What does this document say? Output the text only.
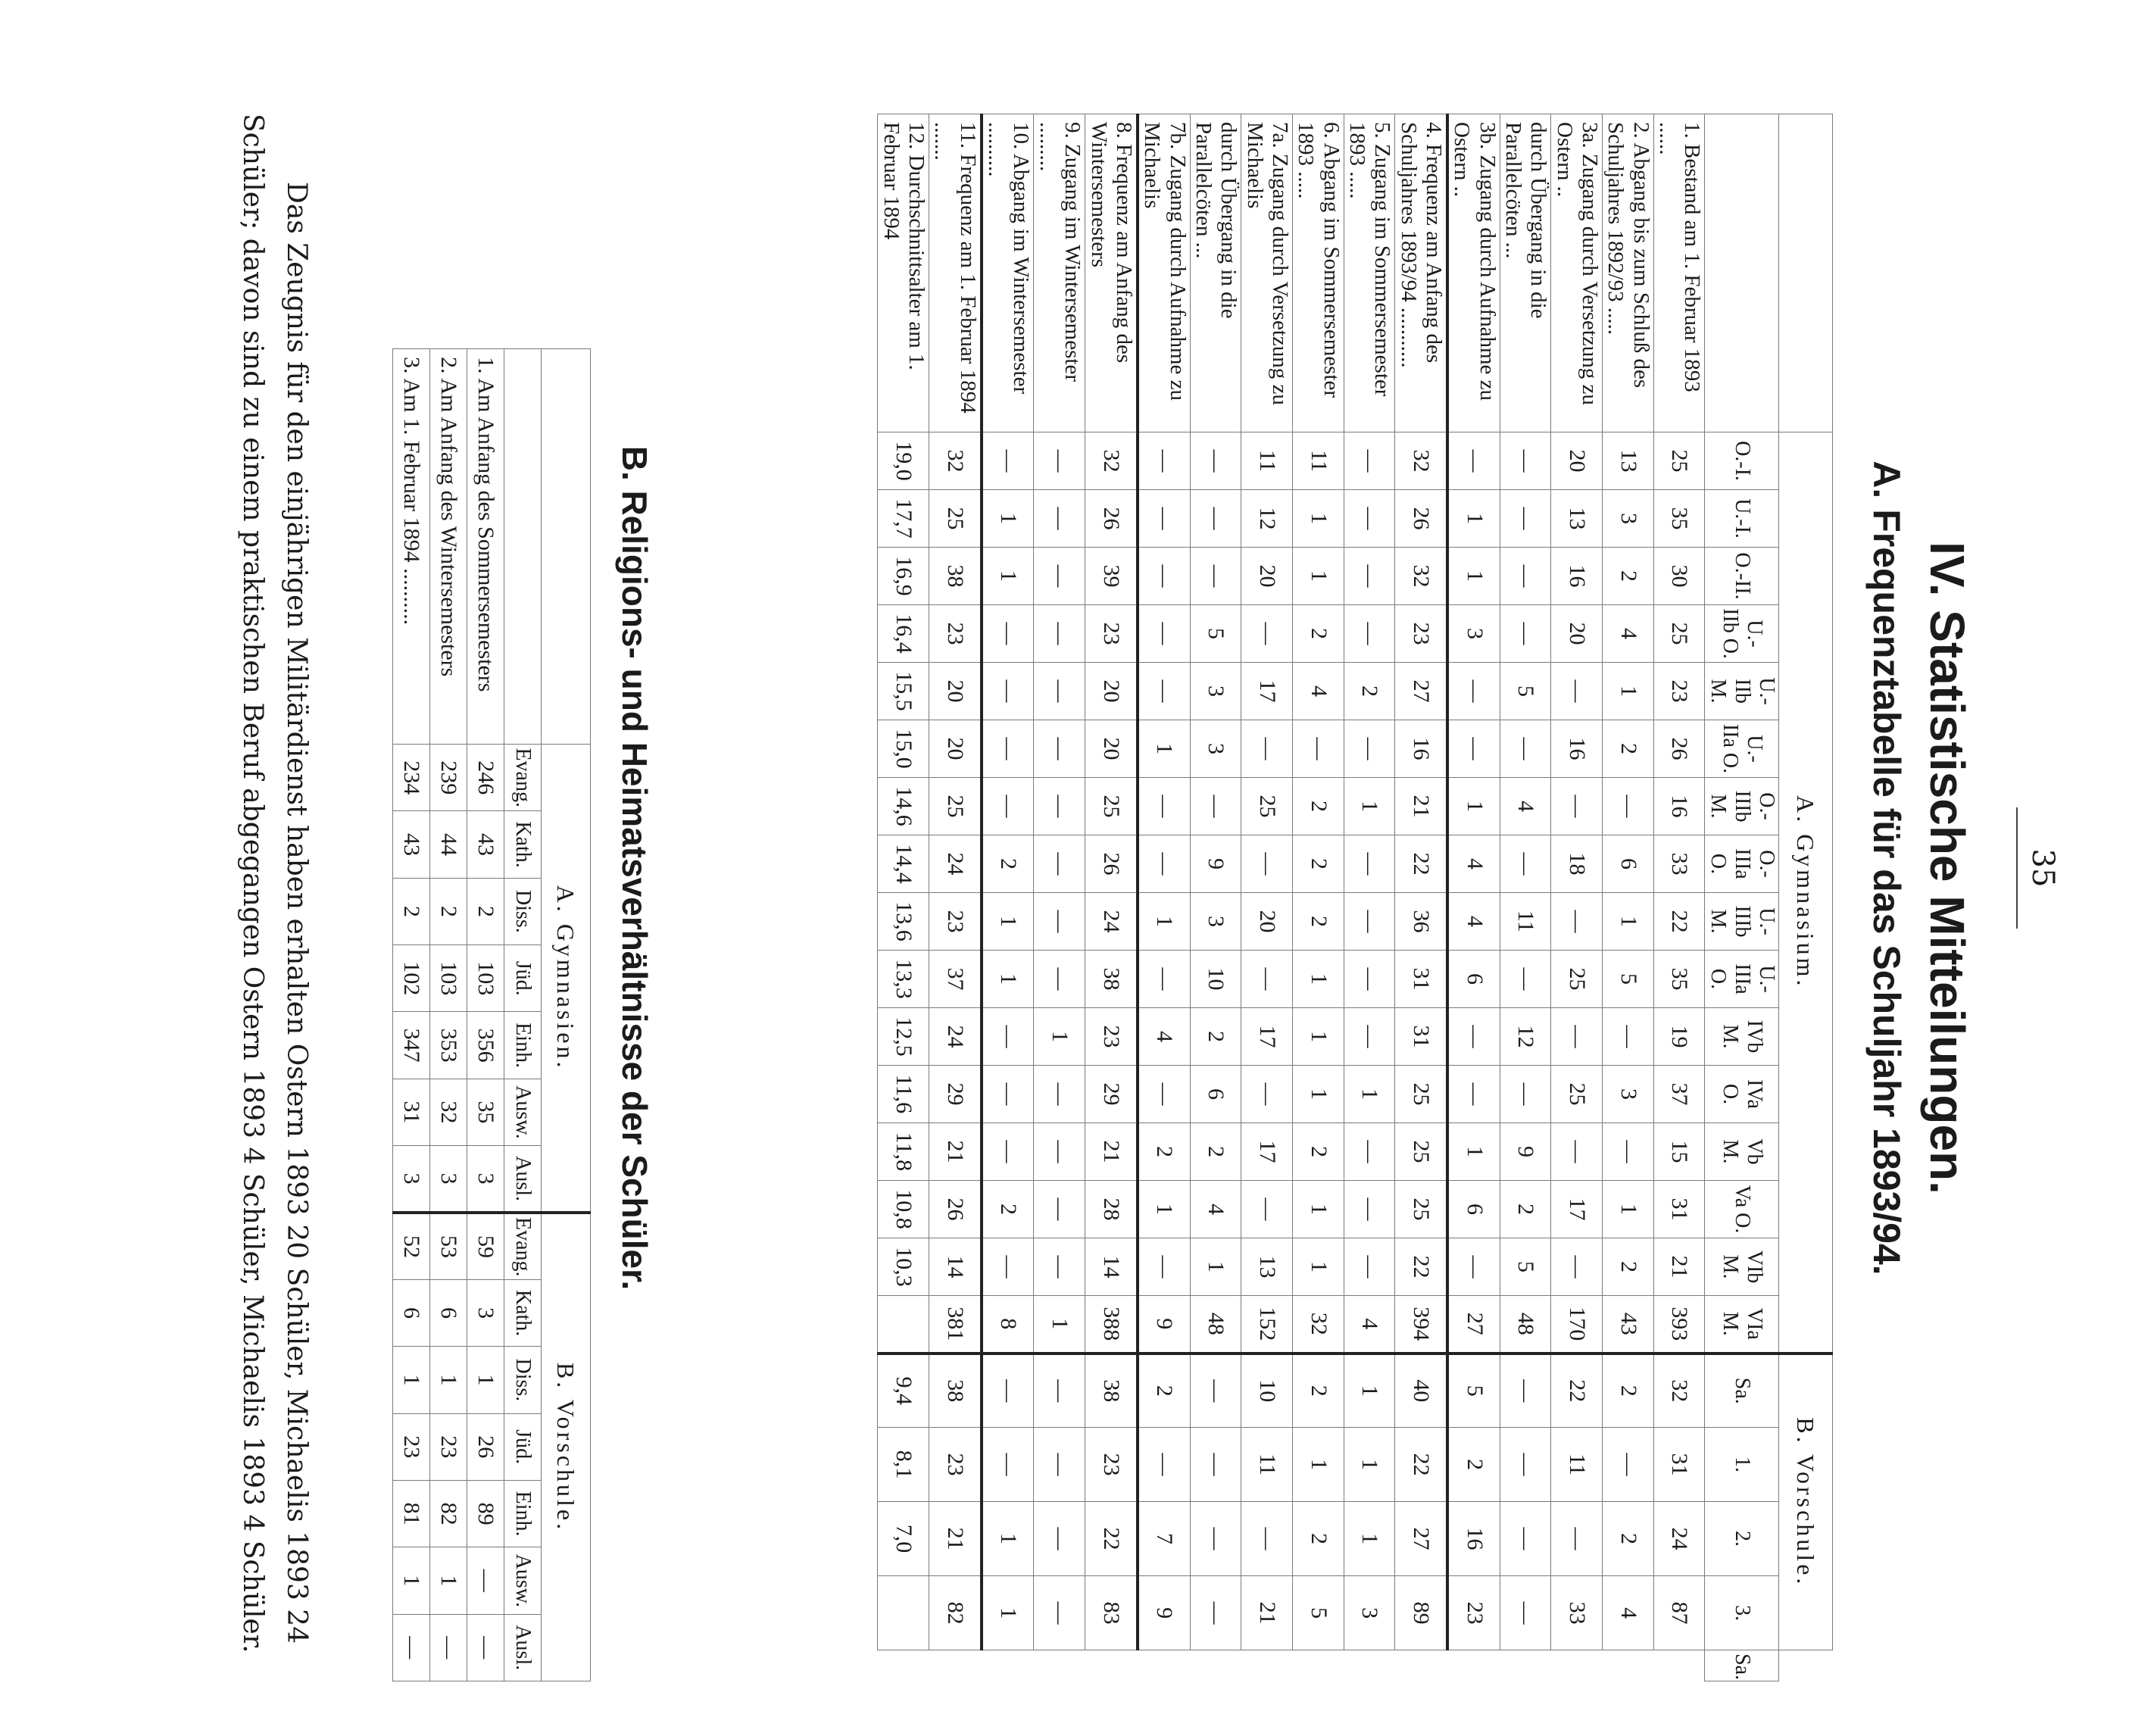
35
IV. Statistische Mitteilungen.
A. Frequenztabelle für das Schuljahr 1893/94.
	A. Gymnasium.																B. Vorschule.				
	O.-I.	U.-I.	O.-II.	U.-IIb O.	U.-IIb M.	U.-IIa O.	O.-IIIb M.	O.-IIIa O.	U.-IIIb M.	U.-IIIa O.	IVb M.	IVa O.	Vb M.	Va O.	VIb M.	VIa M.	Sa.	1.	2.	3.	Sa.
1. Bestand am 1. Februar 1893 ......	25	35	30	25	23	26	16	33	22	35	19	37	15	31	21	393	32	31	24	87	
2. Abgang bis zum Schluß des Schuljahres 1892/93 .....	13	3	2	4	1	2	—	6	1	5	—	3	—	1	2	43	2	—	2	4	
3a. Zugang durch Versetzung zu Ostern ..	20	13	16	20	—	16	—	18	—	25	—	25	—	17	—	170	22	11	—	33	
durch Übergang in die Parallelcöten ...	—	—	—	—	5	—	4	—	11	—	12	—	9	2	5	48	—	—	—	—	
3b. Zugang durch Aufnahme zu Ostern ..	—	1	1	3	—	—	1	4	4	6	—	—	1	6	—	27	5	2	16	23	
4. Frequenz am Anfang des Schuljahres 1893/94 ...........	32	26	32	23	27	16	21	22	36	31	31	25	25	25	22	394	40	22	27	89	
5. Zugang im Sommersemester 1893 .....	—	—	—	—	2	—	1	—	—	—	—	1	—	—	—	4	1	1	1	3	
6. Abgang im Sommersemester 1893 .....	11	1	1	2	4	—	2	2	2	1	1	1	2	1	1	32	2	1	2	5	
7a. Zugang durch Versetzung zu Michaelis	11	12	20	—	17	—	25	—	20	—	17	—	17	—	13	152	10	11	—	21	
durch Übergang in die Parallelcöten ...	—	—	—	5	3	3	—	9	3	10	2	6	2	4	1	48	—	—	—	—	
7b. Zugang durch Aufnahme zu Michaelis	—	—	—	—	—	1	—	—	1	—	4	—	2	1	—	9	2	—	7	9	
8. Frequenz am Anfang des Wintersemesters	32	26	39	23	20	20	25	26	24	38	23	29	21	28	14	388	38	23	22	83	
9. Zugang im Wintersemester .........	—	—	—	—	—	—	—	—	—	—	1	—	—	—	—	1	—	—	—	—	
10. Abgang im Wintersemester ..........	—	1	1	—	—	—	—	2	1	1	—	—	—	2	—	8	—	—	1	1	
11. Frequenz am 1. Februar 1894 .......	32	25	38	23	20	20	25	24	23	37	24	29	21	26	14	381	38	23	21	82	
12. Durchschnittsalter am 1. Februar 1894	19,0	17,7	16,9	16,4	15,5	15,0	14,6	14,4	13,6	13,3	12,5	11,6	11,8	10,8	10,3		9,4	8,1	7,0		
B. Religions- und Heimatsverhältnisse der Schüler.
	A. Gymnasien.							B. Vorschule.						
	Evang.	Kath.	Diss.	Jüd.	Einh.	Ausw.	Ausl.	Evang.	Kath.	Diss.	Jüd.	Einh.	Ausw.	Ausl.
1. Am Anfang des Sommersemesters	246	43	2	103	356	35	3	59	3	1	26	89	—	—
2. Am Anfang des Wintersemesters	239	44	2	103	353	32	3	53	6	1	23	82	1	—
3. Am 1. Februar 1894 ..........	234	43	2	102	347	31	3	52	6	1	23	81	1	—
Das Zeugnis für den einjährigen Militärdienst haben erhalten Ostern 1893 20 Schüler, Michaelis 1893 24 Schüler; davon sind zu einem praktischen Beruf abgegangen Ostern 1893 4 Schüler, Michaelis 1893 4 Schüler.
